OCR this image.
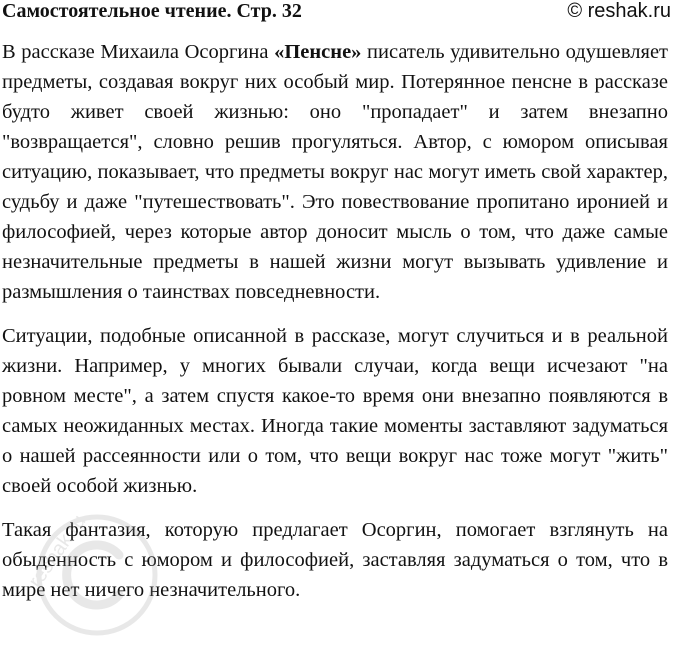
Самостоятельное чтение. Стр. 32	© reshak.ru

В рассказе Михаила Осоргина «Пенсне» писатель удивительно одушевляет предметы, создавая вокруг них особый мир. Потерянное пенсне в рассказе будто живет своей жизнью: оно "пропадает" и затем внезапно "возвращается", словно решив прогуляться. Автор, с юмором описывая ситуацию, показывает, что предметы вокруг нас могут иметь свой характер, судьбу и даже "путешествовать". Это повествование пропитано иронией и философией, через которые автор доносит мысль о том, что даже самые незначительные предметы в нашей жизни могут вызывать удивление и размышления о таинствах повседневности.

Ситуации, подобные описанной в рассказе, могут случиться и в реальной жизни. Например, у многих бывали случаи, когда вещи исчезают "на ровном месте", а затем спустя какое-то время они внезапно появляются в самых неожиданных местах. Иногда такие моменты заставляют задуматься о нашей рассеянности или о том, что вещи вокруг нас тоже могут "жить" своей особой жизнью.

Такая фантазия, которую предлагает Осоргин, помогает взглянуть на обыденность с юмором и философией, заставляя задуматься о том, что в мире нет ничего незначительного.

reshak.ru
